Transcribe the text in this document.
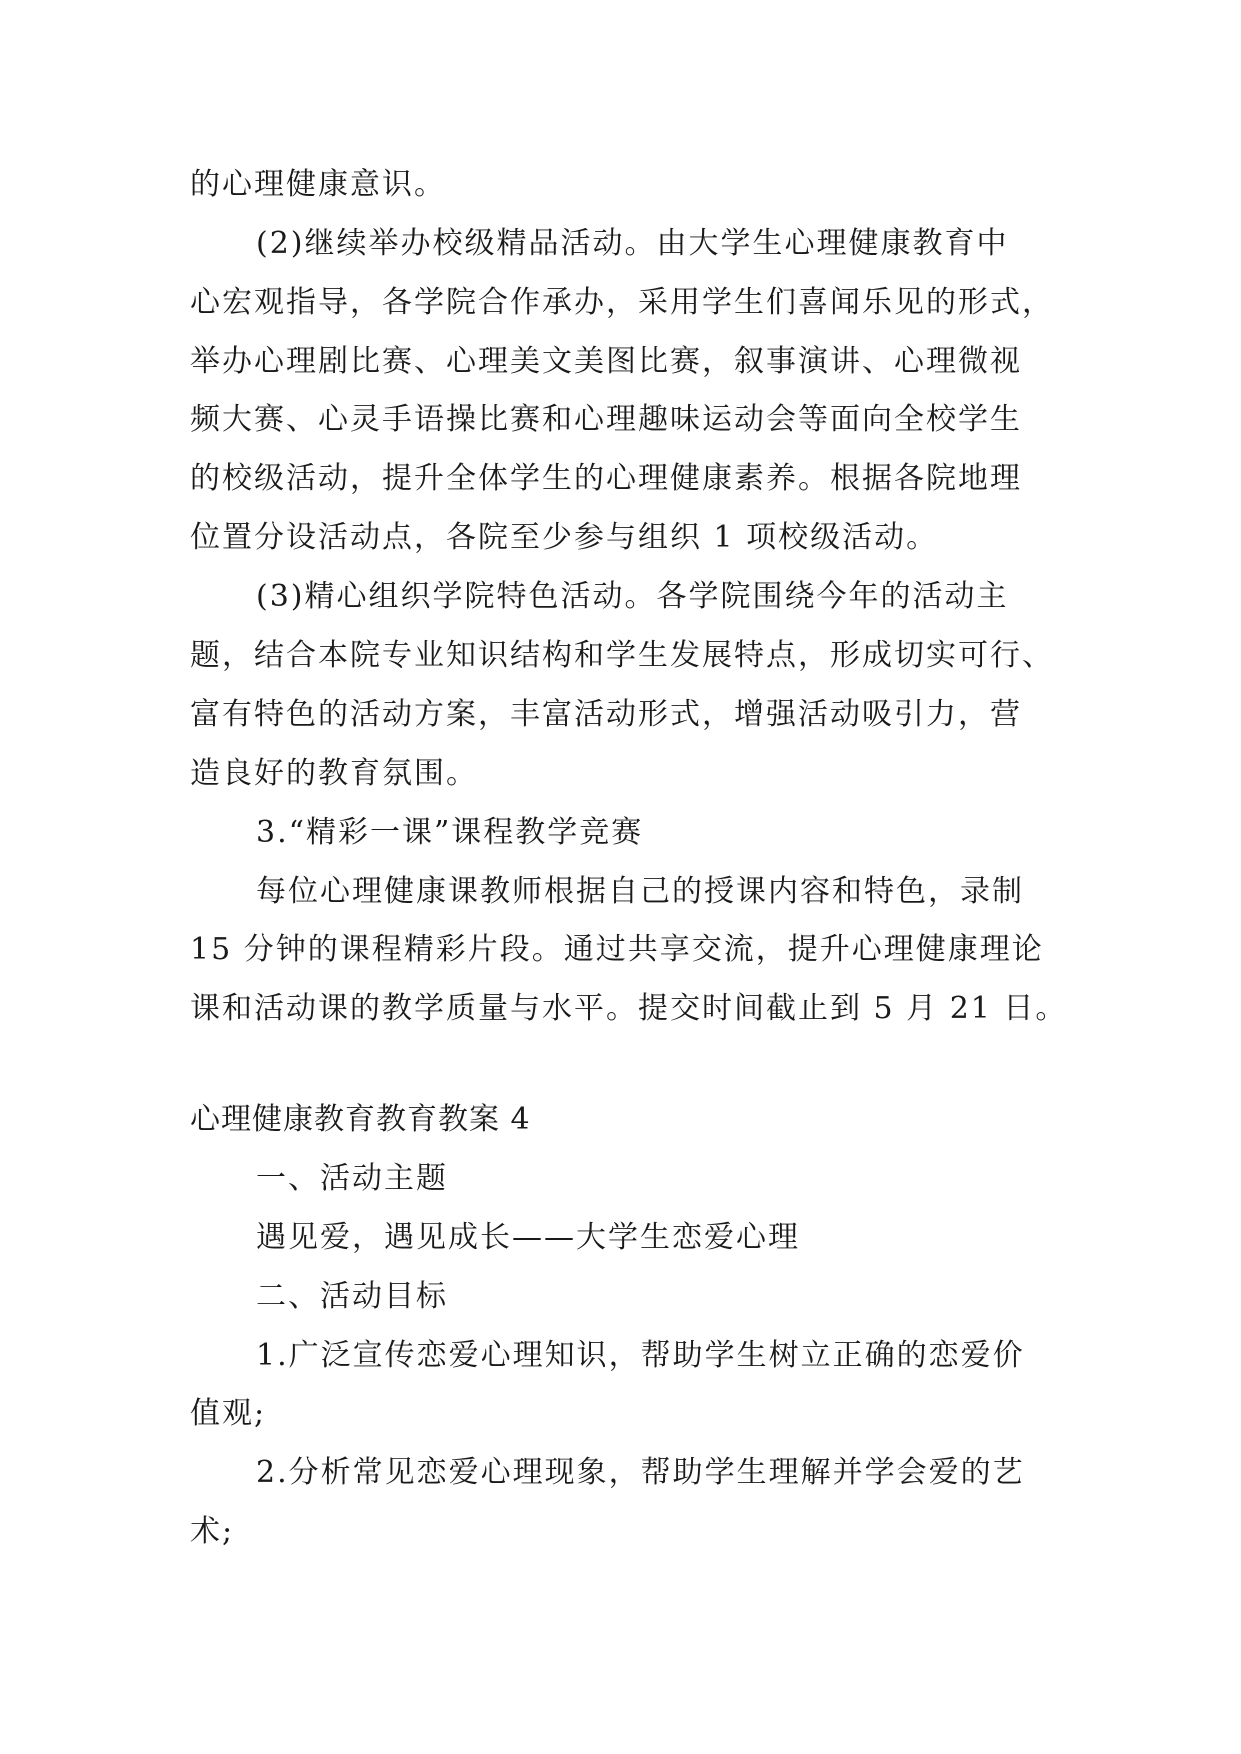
的心理健康意识。
(2)继续举办校级精品活动。由大学生心理健康教育中
心宏观指导，各学院合作承办，采用学生们喜闻乐见的形式，
举办心理剧比赛、心理美文美图比赛，叙事演讲、心理微视
频大赛、心灵手语操比赛和心理趣味运动会等面向全校学生
的校级活动，提升全体学生的心理健康素养。根据各院地理
位置分设活动点，各院至少参与组织 1 项校级活动。
(3)精心组织学院特色活动。各学院围绕今年的活动主
题，结合本院专业知识结构和学生发展特点，形成切实可行、
富有特色的活动方案，丰富活动形式，增强活动吸引力，营
造良好的教育氛围。
3.“精彩一课”课程教学竞赛
每位心理健康课教师根据自己的授课内容和特色，录制
15 分钟的课程精彩片段。通过共享交流，提升心理健康理论
课和活动课的教学质量与水平。提交时间截止到 5 月 21 日。
心理健康教育教育教案 4
一、活动主题
遇见爱，遇见成长——大学生恋爱心理
二、活动目标
1.广泛宣传恋爱心理知识，帮助学生树立正确的恋爱价
值观;
2.分析常见恋爱心理现象，帮助学生理解并学会爱的艺
术;
